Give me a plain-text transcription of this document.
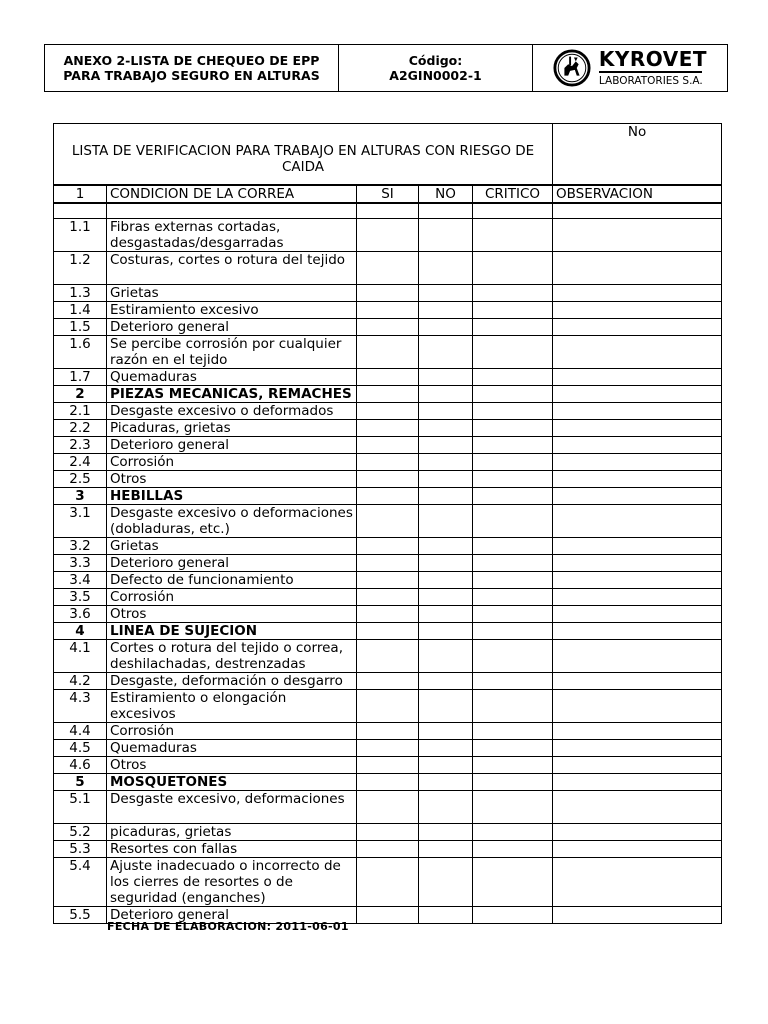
ANEXO 2-LISTA DE CHEQUEO DE EPP
PARA TRABAJO SEGURO EN ALTURAS

Código:
A2GIN0002-1

KYROVET
LABORATORIES S.A.
LISTA DE VERIFICACION PARA TRABAJO EN ALTURAS CON RIESGO DE CAIDA					No
1	CONDICION DE LA CORREA	SI	NO	CRITICO	OBSERVACION

1.1	Fibras externas cortadas, desgastadas/desgarradas				
1.2	Costuras, cortes o rotura del tejido				
1.3	Grietas				
1.4	Estiramiento excesivo				
1.5	Deterioro general				
1.6	Se percibe corrosión por cualquier razón en el tejido				
1.7	Quemaduras				
2	PIEZAS MECANICAS, REMACHES				
2.1	Desgaste excesivo o deformados				
2.2	Picaduras, grietas				
2.3	Deterioro general				
2.4	Corrosión				
2.5	Otros				
3	HEBILLAS				
3.1	Desgaste excesivo o deformaciones (dobladuras, etc.)				
3.2	Grietas				
3.3	Deterioro general				
3.4	Defecto de funcionamiento				
3.5	Corrosión				
3.6	Otros				
4	LINEA DE SUJECION				
4.1	Cortes o rotura del tejido o correa, deshilachadas, destrenzadas				
4.2	Desgaste, deformación o desgarro				
4.3	Estiramiento o elongación excesivos				
4.4	Corrosión				
4.5	Quemaduras				
4.6	Otros				
5	MOSQUETONES				
5.1	Desgaste excesivo, deformaciones				
5.2	picaduras, grietas				
5.3	Resortes con fallas				
5.4	Ajuste inadecuado o incorrecto de los cierres de resortes o de seguridad (enganches)				
5.5	Deterioro general				
FECHA DE ELABORACION: 2011-06-01
